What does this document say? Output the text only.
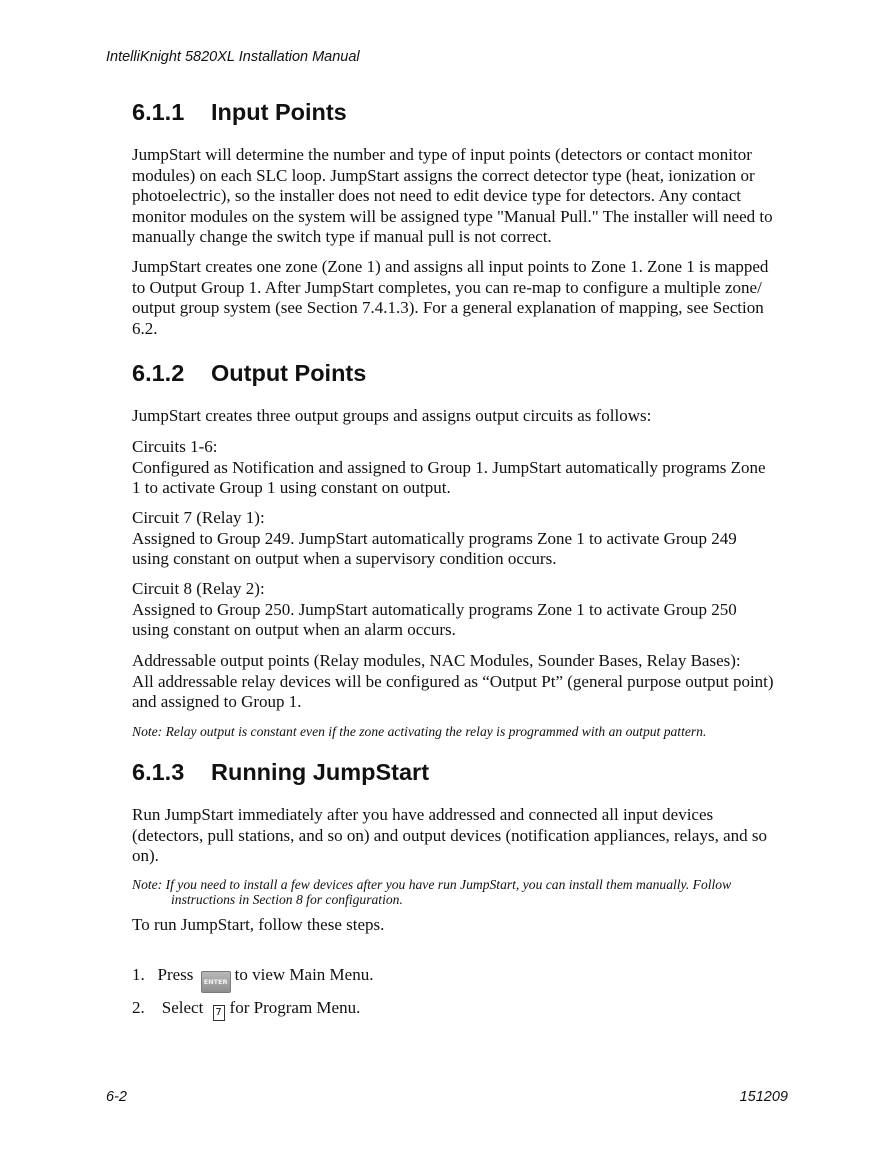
IntelliKnight 5820XL Installation Manual
6.1.1 Input Points
JumpStart will determine the number and type of input points (detectors or contact monitor
modules) on each SLC loop. JumpStart assigns the correct detector type (heat, ionization or
photoelectric), so the installer does not need to edit device type for detectors. Any contact
monitor modules on the system will be assigned type "Manual Pull." The installer will need to
manually change the switch type if manual pull is not correct.
JumpStart creates one zone (Zone 1) and assigns all input points to Zone 1. Zone 1 is mapped
to Output Group 1. After JumpStart completes, you can re-map to configure a multiple zone/
output group system (see Section 7.4.1.3). For a general explanation of mapping, see Section
6.2.
6.1.2 Output Points
JumpStart creates three output groups and assigns output circuits as follows:
Circuits 1-6:
Configured as Notification and assigned to Group 1. JumpStart automatically programs Zone
1 to activate Group 1 using constant on output.
Circuit 7 (Relay 1):
Assigned to Group 249. JumpStart automatically programs Zone 1 to activate Group 249
using constant on output when a supervisory condition occurs.
Circuit 8 (Relay 2):
Assigned to Group 250. JumpStart automatically programs Zone 1 to activate Group 250
using constant on output when an alarm occurs.
Addressable output points (Relay modules, NAC Modules, Sounder Bases, Relay Bases):
All addressable relay devices will be configured as “Output Pt” (general purpose output point)
and assigned to Group 1.
Note: Relay output is constant even if the zone activating the relay is programmed with an output pattern.
6.1.3 Running JumpStart
Run JumpStart immediately after you have addressed and connected all input devices
(detectors, pull stations, and so on) and output devices (notification appliances, relays, and so
on).
Note: If you need to install a few devices after you have run JumpStart, you can install them manually. Follow
instructions in Section 8 for configuration.
To run JumpStart, follow these steps.
1. Press ENTER to view Main Menu.
2. Select 7 for Program Menu.
6-2	151209
